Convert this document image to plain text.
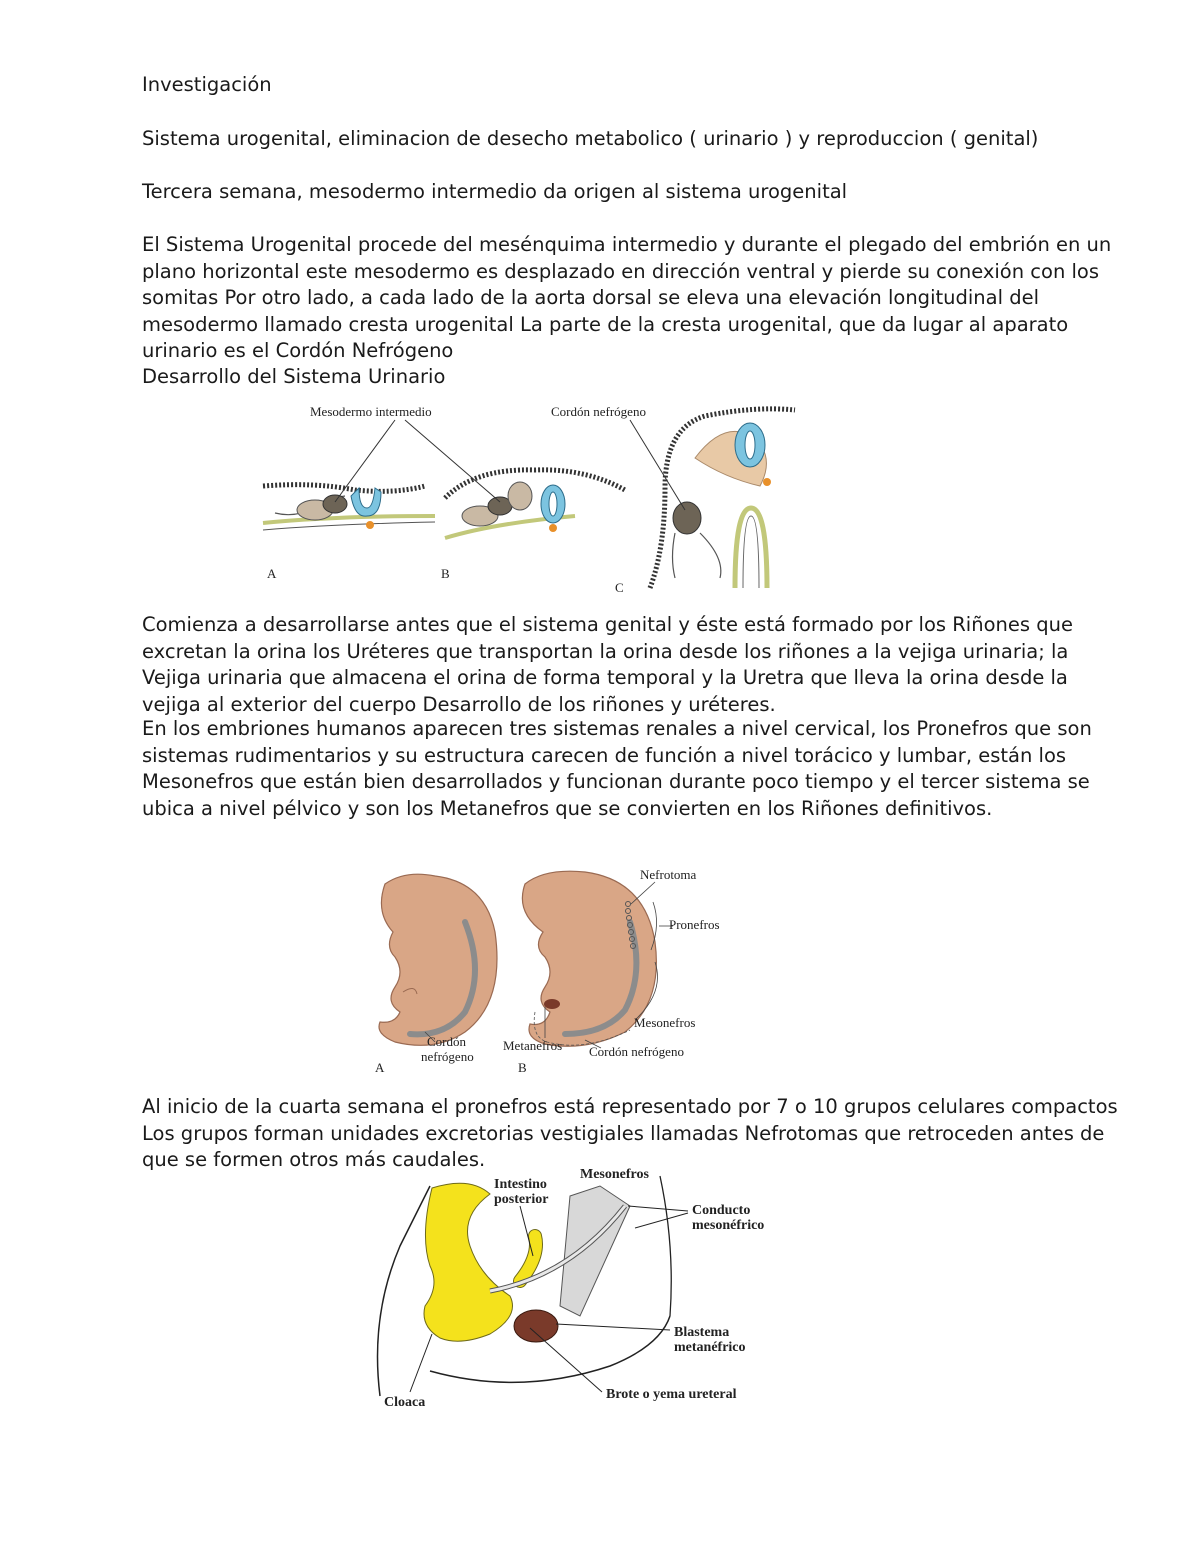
Investigación

Sistema urogenital, eliminacion de desecho metabolico ( urinario ) y reproduccion ( genital)

Tercera semana, mesodermo intermedio da origen al sistema urogenital

El Sistema Urogenital procede del mesénquima intermedio y durante el plegado del embrión en un plano horizontal este mesodermo es desplazado en dirección ventral y pierde su conexión con los somitas Por otro lado, a cada lado de la aorta dorsal se eleva una elevación longitudinal del mesodermo llamado cresta urogenital La parte de la cresta urogenital, que da lugar al aparato urinario es el Cordón Nefrógeno

Desarrollo del Sistema Urinario

Mesodermo intermedio	Cordón nefrógeno
A	B
C

Comienza a desarrollarse antes que el sistema genital y éste está formado por los Riñones que excretan la orina los Uréteres que transportan la orina desde los riñones a la vejiga urinaria; la Vejiga urinaria que almacena el orina de forma temporal y la Uretra que lleva la orina desde la vejiga al exterior del cuerpo Desarrollo de los riñones y uréteres.

En los embriones humanos aparecen tres sistemas renales a nivel cervical, los Pronefros que son sistemas rudimentarios y su estructura carecen de función a nivel torácico y lumbar, están los Mesonefros que están bien desarrollados y funcionan durante poco tiempo y el tercer sistema se ubica a nivel pélvico y son los Metanefros que se convierten en los Riñones definitivos.

Nefrotoma
Pronefros
Mesonefros
Cordón
nefrógeno
Metanefros Cordón nefrógeno
A	B

Al inicio de la cuarta semana el pronefros está representado por 7 o 10 grupos celulares compactos Los grupos forman unidades excretorias vestigiales llamadas Nefrotomas que retroceden antes de que se formen otros más caudales.

Mesonefros
Intestino
posterior
Conducto
mesonéfrico
Blastema
metanéfrico
Brote o yema ureteral
Cloaca
